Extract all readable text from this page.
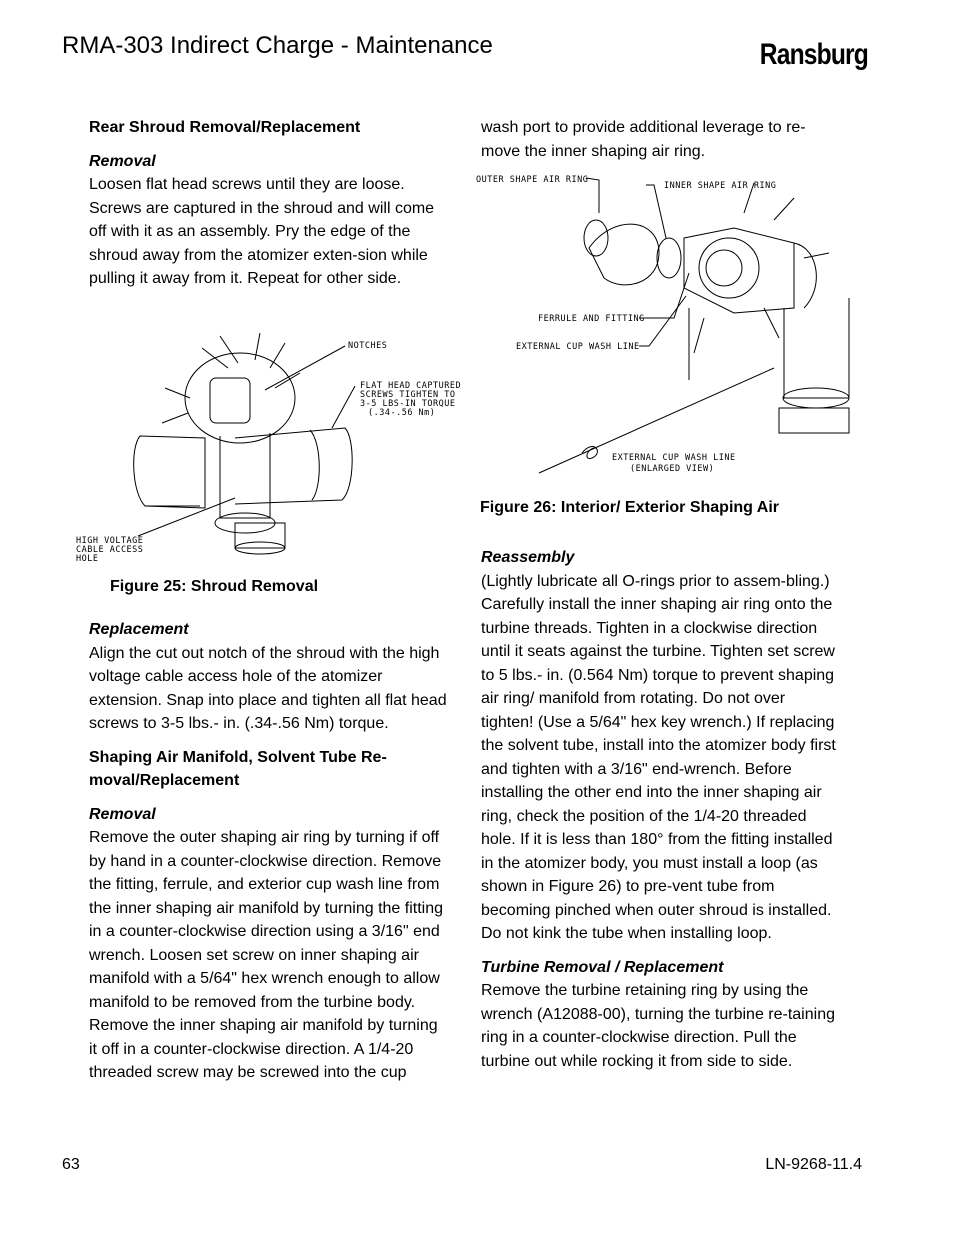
RMA-303 Indirect Charge - Maintenance	Ransburg
Rear Shroud Removal/Replacement
Removal

Loosen flat head screws until they are loose. Screws are captured in the shroud and will come off with it as an assembly. Pry the edge of the shroud away from the atomizer exten-sion while pulling it away from it. Repeat for other side.

NOTCHES
FLAT HEAD CAPTURED
SCREWS TIGHTEN TO
3-5 LBS-IN TORQUE
(.34-.56 Nm)
HIGH VOLTAGE
CABLE ACCESS
HOLE
Figure 25: Shroud Removal
Replacement

Align the cut out notch of the shroud with the high voltage cable access hole of the atomizer extension. Snap into place and tighten all flat head screws to 3-5 lbs.- in. (.34-.56 Nm) torque.

Shaping Air Manifold, Solvent Tube Re-moval/Replacement
Removal

Remove the outer shaping air ring by turning if off by hand in a counter-clockwise direction. Remove the fitting, ferrule, and exterior cup wash line from the inner shaping air manifold by turning the fitting in a counter-clockwise direction using a 3/16" end wrench. Loosen set screw on inner shaping air manifold with a 5/64" hex wrench enough to allow manifold to be removed from the turbine body. Remove the inner shaping air manifold by turning it off in a counter-clockwise direction. A 1/4-20 threaded screw may be screwed into the cup

wash port to provide additional leverage to re-move the inner shaping air ring.

OUTER SHAPE AIR RING
INNER SHAPE AIR RING
FERRULE AND FITTING
EXTERNAL CUP WASH LINE
EXTERNAL CUP WASH LINE
(ENLARGED VIEW)
Figure 26: Interior/ Exterior Shaping Air
Reassembly

(Lightly lubricate all O-rings prior to assem-bling.) Carefully install the inner shaping air ring onto the turbine threads. Tighten in a clockwise direction until it seats against the turbine. Tighten set screw to 5 lbs.- in. (0.564 Nm) torque to prevent shaping air ring/ manifold from rotating. Do not over tighten! (Use a 5/64" hex key wrench.) If replacing the solvent tube, install into the atomizer body first and tighten with a 3/16" end-wrench. Before installing the other end into the inner shaping air ring, check the position of the 1/4-20 threaded hole. If it is less than 180° from the fitting installed in the atomizer body, you must install a loop (as shown in Figure 26) to pre-vent tube from becoming pinched when outer shroud is installed. Do not kink the tube when installing loop.

Turbine Removal / Replacement

Remove the turbine retaining ring by using the wrench (A12088-00), turning the turbine re-taining ring in a counter-clockwise direction. Pull the turbine out while rocking it from side to side.

63	LN-9268-11.4
